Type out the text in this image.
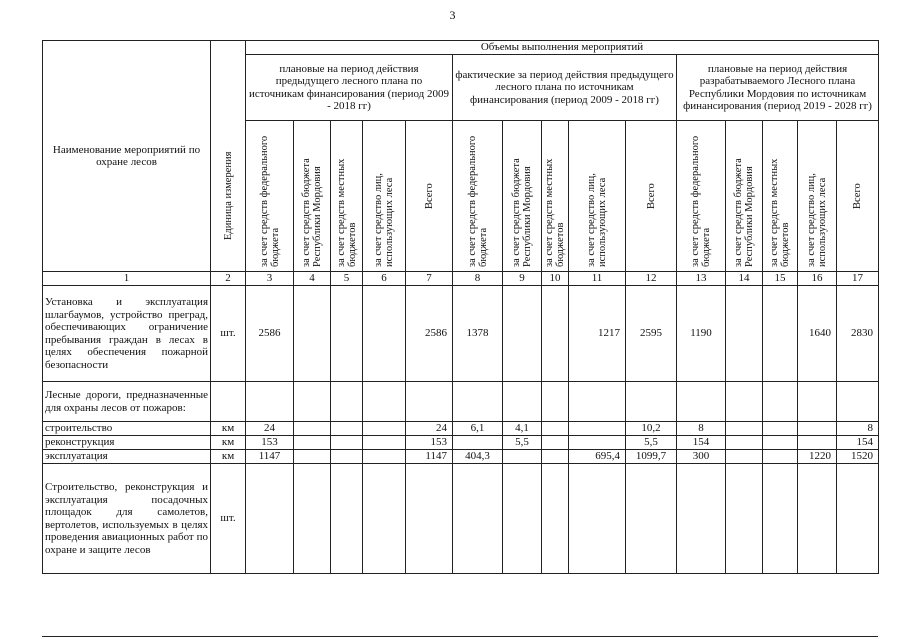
3
Наименование мероприятий по охране лесов	Единица измерения	Объемы выполнения мероприятий														
		плановые на период действия предыдущего лесного плана по источникам финансирования (период 2009 - 2018 гг)					фактические за период действия предыдущего лесного плана по источникам финансирования (период 2009 - 2018 гг)					плановые на период действия разрабатываемого Лесного плана Республики Мордовия по источникам финансирования (период 2019 - 2028 гг)				

		за счет средств федерального бюджета	за счет средств бюджета Республики Мордовия	за счет средств местных бюджетов	за счет средство лиц, использующих леса	Всего	за счет средств федерального бюджета	за счет средств бюджета Республики Мордовия	за счет средств местных бюджетов	за счет средство лиц, использующих леса	Всего	за счет средств федерального бюджета	за счет средств бюджета Республики Мордовия	за счет средств местных бюджетов	за счет средство лиц, использующих леса	Всего

1	2	3	4	5	6	7	8	9	10	11	12	13	14	15	16	17
Установка и эксплуатация шлагбаумов, устройство преград, обеспечивающих ограничение пребывания граждан в лесах в целях обеспечения пожарной безопасности	шт.	2586				2586	1378			1217	2595	1190			1640	2830
Лесные дороги, предназначенные для охраны лесов от пожаров:																
строительство	км	24				24	6,1	4,1			10,2	8				8
реконструкция	км	153				153		5,5			5,5	154				154
эксплуатация	км	1147				1147	404,3			695,4	1099,7	300			1220	1520
Строительство, реконструкция и эксплуатация посадочных площадок для самолетов, вертолетов, используемых в целях проведения авиационных работ по охране и защите лесов	шт.															
